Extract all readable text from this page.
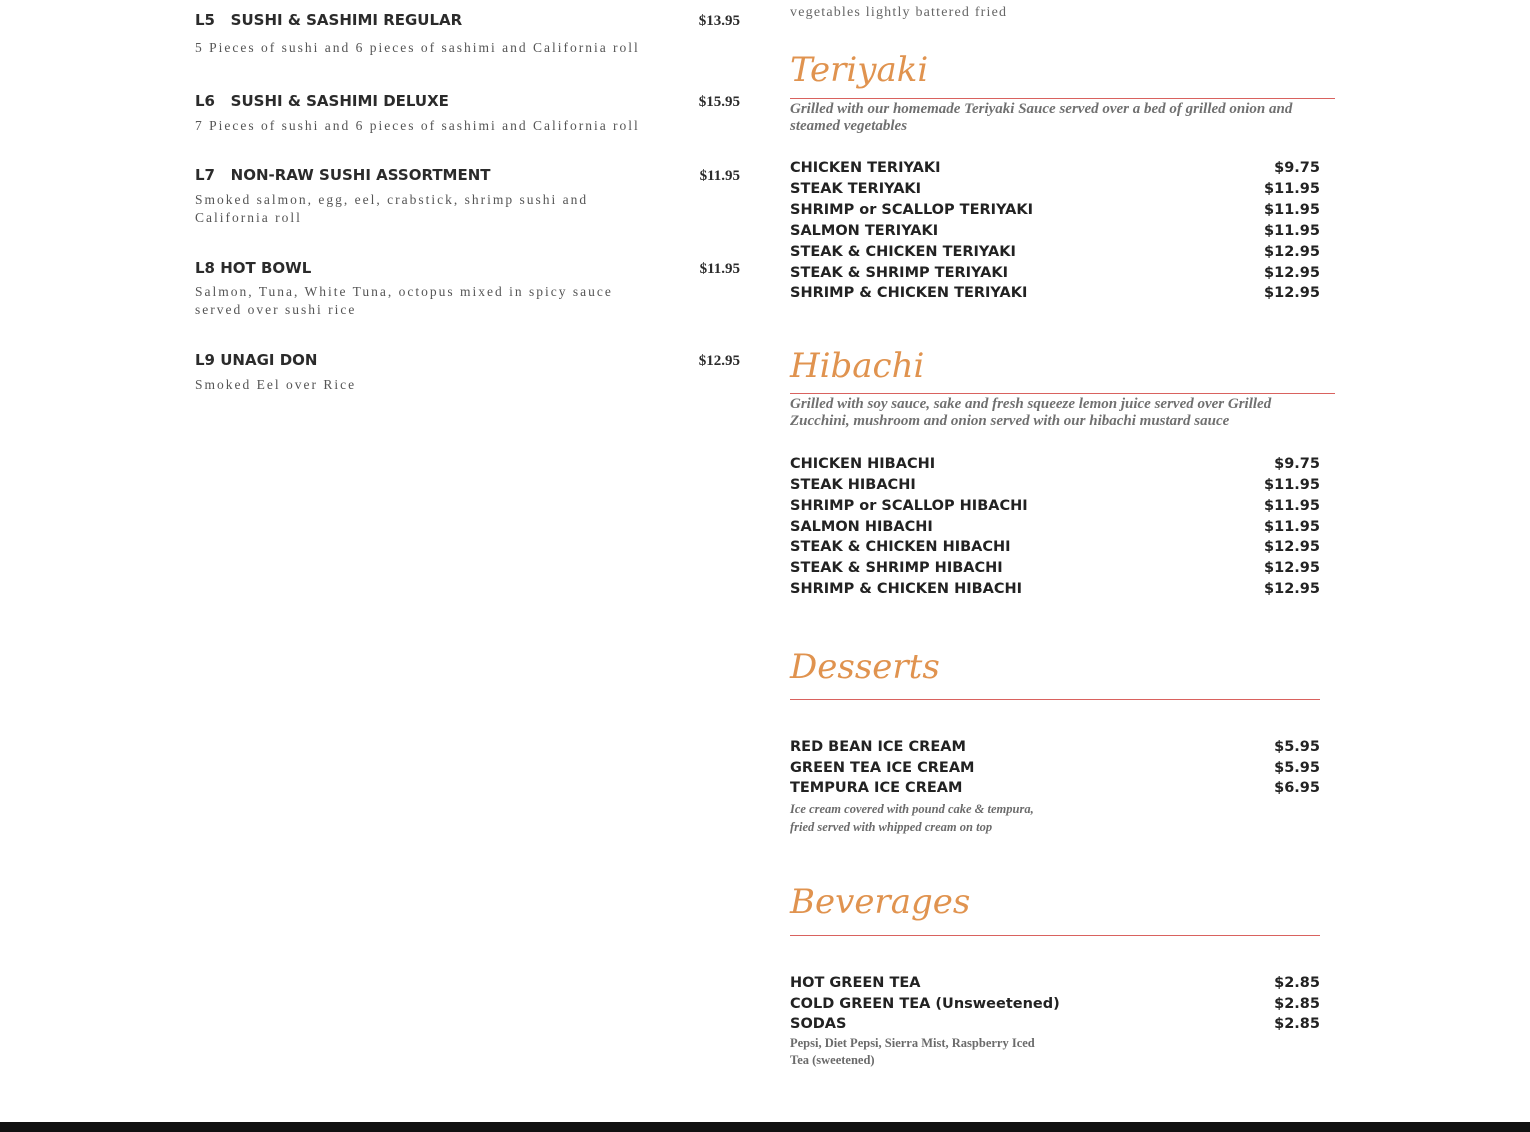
L5 SUSHI & SASHIMI REGULAR	$13.95
5 Pieces of sushi and 6 pieces of sashimi and California roll
L6 SUSHI & SASHIMI DELUXE	$15.95
7 Pieces of sushi and 6 pieces of sashimi and California roll
L7 NON-RAW SUSHI ASSORTMENT	$11.95
Smoked salmon, egg, eel, crabstick, shrimp sushi and California roll
L8 HOT BOWL	$11.95
Salmon, Tuna, White Tuna, octopus mixed in spicy sauce served over sushi rice
L9 UNAGI DON	$12.95
Smoked Eel over Rice
vegetables lightly battered fried
Teriyaki
Grilled with our homemade Teriyaki Sauce served over a bed of grilled onion and steamed vegetables
CHICKEN TERIYAKI	$9.75
STEAK TERIYAKI	$11.95
SHRIMP or SCALLOP TERIYAKI	$11.95
SALMON TERIYAKI	$11.95
STEAK & CHICKEN TERIYAKI	$12.95
STEAK & SHRIMP TERIYAKI	$12.95
SHRIMP & CHICKEN TERIYAKI	$12.95
Hibachi
Grilled with soy sauce, sake and fresh squeeze lemon juice served over Grilled Zucchini, mushroom and onion served with our hibachi mustard sauce
CHICKEN HIBACHI	$9.75
STEAK HIBACHI	$11.95
SHRIMP or SCALLOP HIBACHI	$11.95
SALMON HIBACHI	$11.95
STEAK & CHICKEN HIBACHI	$12.95
STEAK & SHRIMP HIBACHI	$12.95
SHRIMP & CHICKEN HIBACHI	$12.95
Desserts
RED BEAN ICE CREAM	$5.95
GREEN TEA ICE CREAM	$5.95
TEMPURA ICE CREAM	$6.95
Ice cream covered with pound cake & tempura, fried served with whipped cream on top
Beverages
HOT GREEN TEA	$2.85
COLD GREEN TEA (Unsweetened)	$2.85
SODAS	$2.85
Pepsi, Diet Pepsi, Sierra Mist, Raspberry Iced Tea (sweetened)
